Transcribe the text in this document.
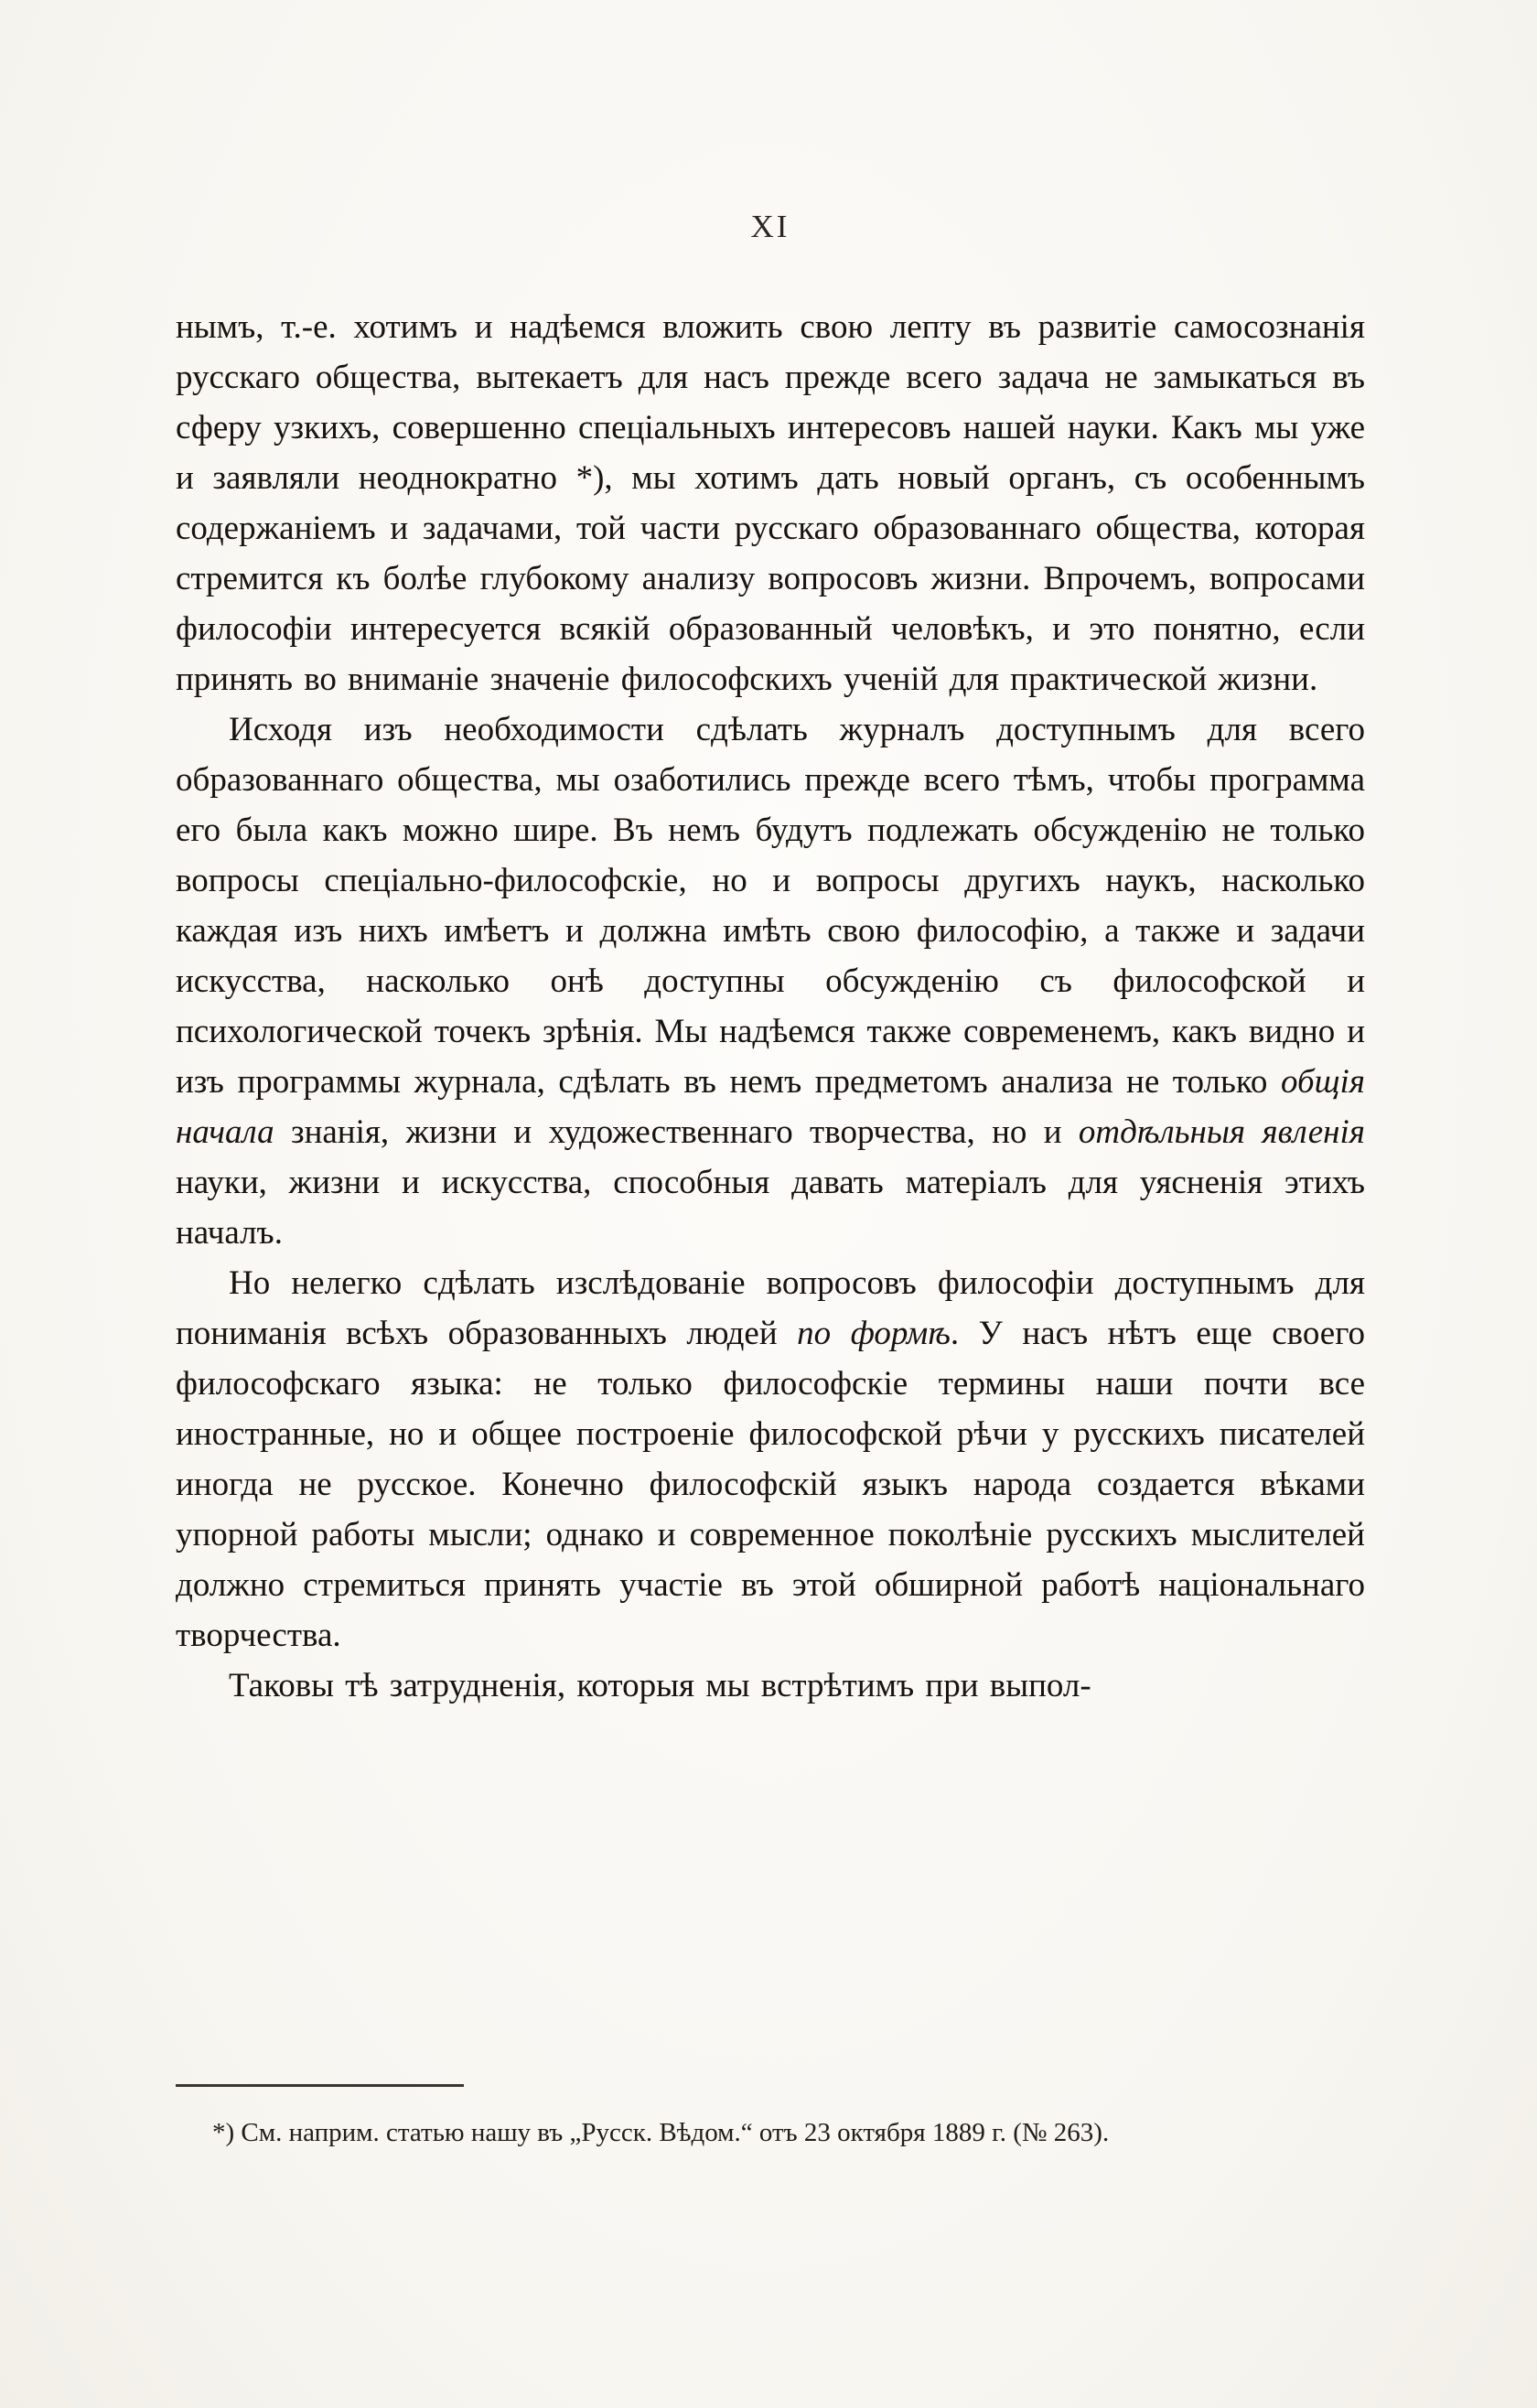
XI

нымъ, т.-е. хотимъ и надѣемся вложить свою лепту въ развитіе самосознанія русскаго общества, вытекаетъ для насъ прежде всего задача не замыкаться въ сферу узкихъ, совершенно спеціальныхъ интересовъ нашей науки. Какъ мы уже и заявляли неоднократно *), мы хотимъ дать новый органъ, съ особеннымъ содержаніемъ и задачами, той части русскаго образованнаго общества, которая стремится къ болѣе глубокому анализу вопросовъ жизни. Впрочемъ, вопросами философіи интересуется всякій образованный человѣкъ, и это понятно, если принять во вниманіе значеніе философскихъ ученій для практической жизни.

Исходя изъ необходимости сдѣлать журналъ доступнымъ для всего образованнаго общества, мы озаботились прежде всего тѣмъ, чтобы программа его была какъ можно шире. Въ немъ будутъ подлежать обсужденію не только вопросы спеціально-философскіе, но и вопросы другихъ наукъ, насколько каждая изъ нихъ имѣетъ и должна имѣть свою философію, а также и задачи искусства, насколько онѣ доступны обсужденію съ философской и психологической точекъ зрѣнія. Мы надѣемся также современемъ, какъ видно и изъ программы журнала, сдѣлать въ немъ предметомъ анализа не только общія начала знанія, жизни и художественнаго творчества, но и отдѣльныя явленія науки, жизни и искусства, способныя давать матеріалъ для уясненія этихъ началъ.

Но нелегко сдѣлать изслѣдованіе вопросовъ философіи доступнымъ для пониманія всѣхъ образованныхъ людей по формѣ. У насъ нѣтъ еще своего философскаго языка: не только философскіе термины наши почти все иностранные, но и общее построеніе философской рѣчи у русскихъ писателей иногда не русское. Конечно философскій языкъ народа создается вѣками упорной работы мысли; однако и современное поколѣніе русскихъ мыслителей должно стремиться принять участіе въ этой обширной работѣ національнаго творчества.

Таковы тѣ затрудненія, которыя мы встрѣтимъ при выпол-

*) См. наприм. статью нашу въ „Русск. Вѣдом.“ отъ 23 октября 1889 г. (№ 263).
